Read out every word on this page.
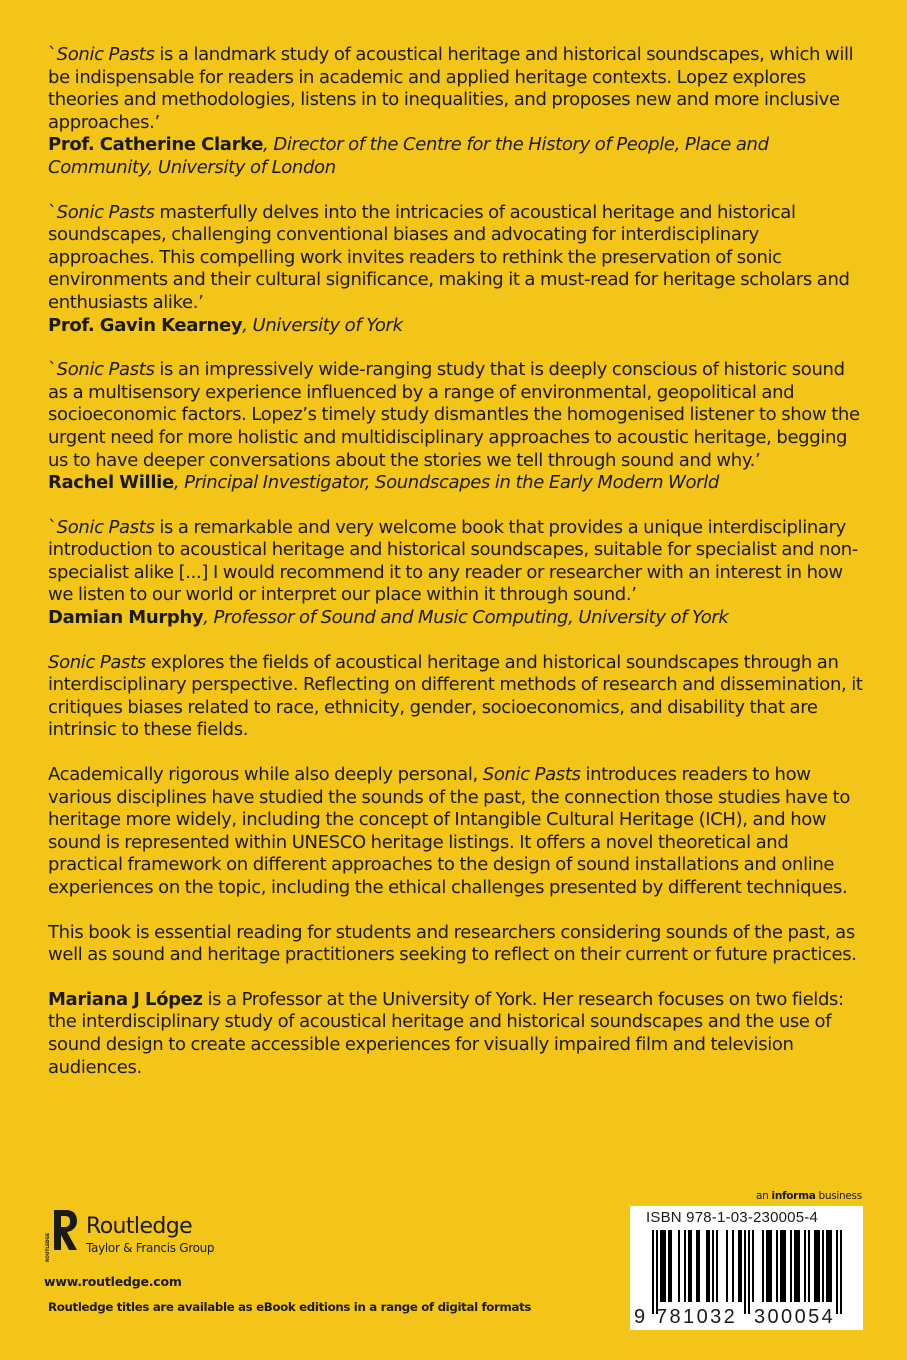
`Sonic Pasts is a landmark study of acoustical heritage and historical soundscapes, which will be indispensable for readers in academic and applied heritage contexts. Lopez explores theories and methodologies, listens in to inequalities, and proposes new and more inclusive approaches.’

Prof. Catherine Clarke, Director of the Centre for the History of People, Place and Community, University of London

`Sonic Pasts masterfully delves into the intricacies of acoustical heritage and historical soundscapes, challenging conventional biases and advocating for interdisciplinary approaches. This compelling work invites readers to rethink the preservation of sonic environments and their cultural significance, making it a must-read for heritage scholars and enthusiasts alike.’

Prof. Gavin Kearney, University of York

`Sonic Pasts is an impressively wide-ranging study that is deeply conscious of historic sound as a multisensory experience influenced by a range of environmental, geopolitical and socioeconomic factors. Lopez’s timely study dismantles the homogenised listener to show the urgent need for more holistic and multidisciplinary approaches to acoustic heritage, begging us to have deeper conversations about the stories we tell through sound and why.’

Rachel Willie, Principal Investigator, Soundscapes in the Early Modern World

`Sonic Pasts is a remarkable and very welcome book that provides a unique interdisciplinary introduction to acoustical heritage and historical soundscapes, suitable for specialist and non-specialist alike [...] I would recommend it to any reader or researcher with an interest in how we listen to our world or interpret our place within it through sound.’

Damian Murphy, Professor of Sound and Music Computing, University of York

Sonic Pasts explores the fields of acoustical heritage and historical soundscapes through an interdisciplinary perspective. Reflecting on different methods of research and dissemination, it critiques biases related to race, ethnicity, gender, socioeconomics, and disability that are intrinsic to these fields.

Academically rigorous while also deeply personal, Sonic Pasts introduces readers to how various disciplines have studied the sounds of the past, the connection those studies have to heritage more widely, including the concept of Intangible Cultural Heritage (ICH), and how sound is represented within UNESCO heritage listings. It offers a novel theoretical and practical framework on different approaches to the design of sound installations and online experiences on the topic, including the ethical challenges presented by different techniques.

This book is essential reading for students and researchers considering sounds of the past, as well as sound and heritage practitioners seeking to reflect on their current or future practices.

Mariana J López is a Professor at the University of York. Her research focuses on two fields: the interdisciplinary study of acoustical heritage and historical soundscapes and the use of sound design to create accessible experiences for visually impaired film and television audiences.

ROUTLEDGE
Routledge
Taylor & Francis Group
www.routledge.com
Routledge titles are available as eBook editions in a range of digital formats
an informa business
ISBN 978-1-03-230005-4
9 781032 300054
